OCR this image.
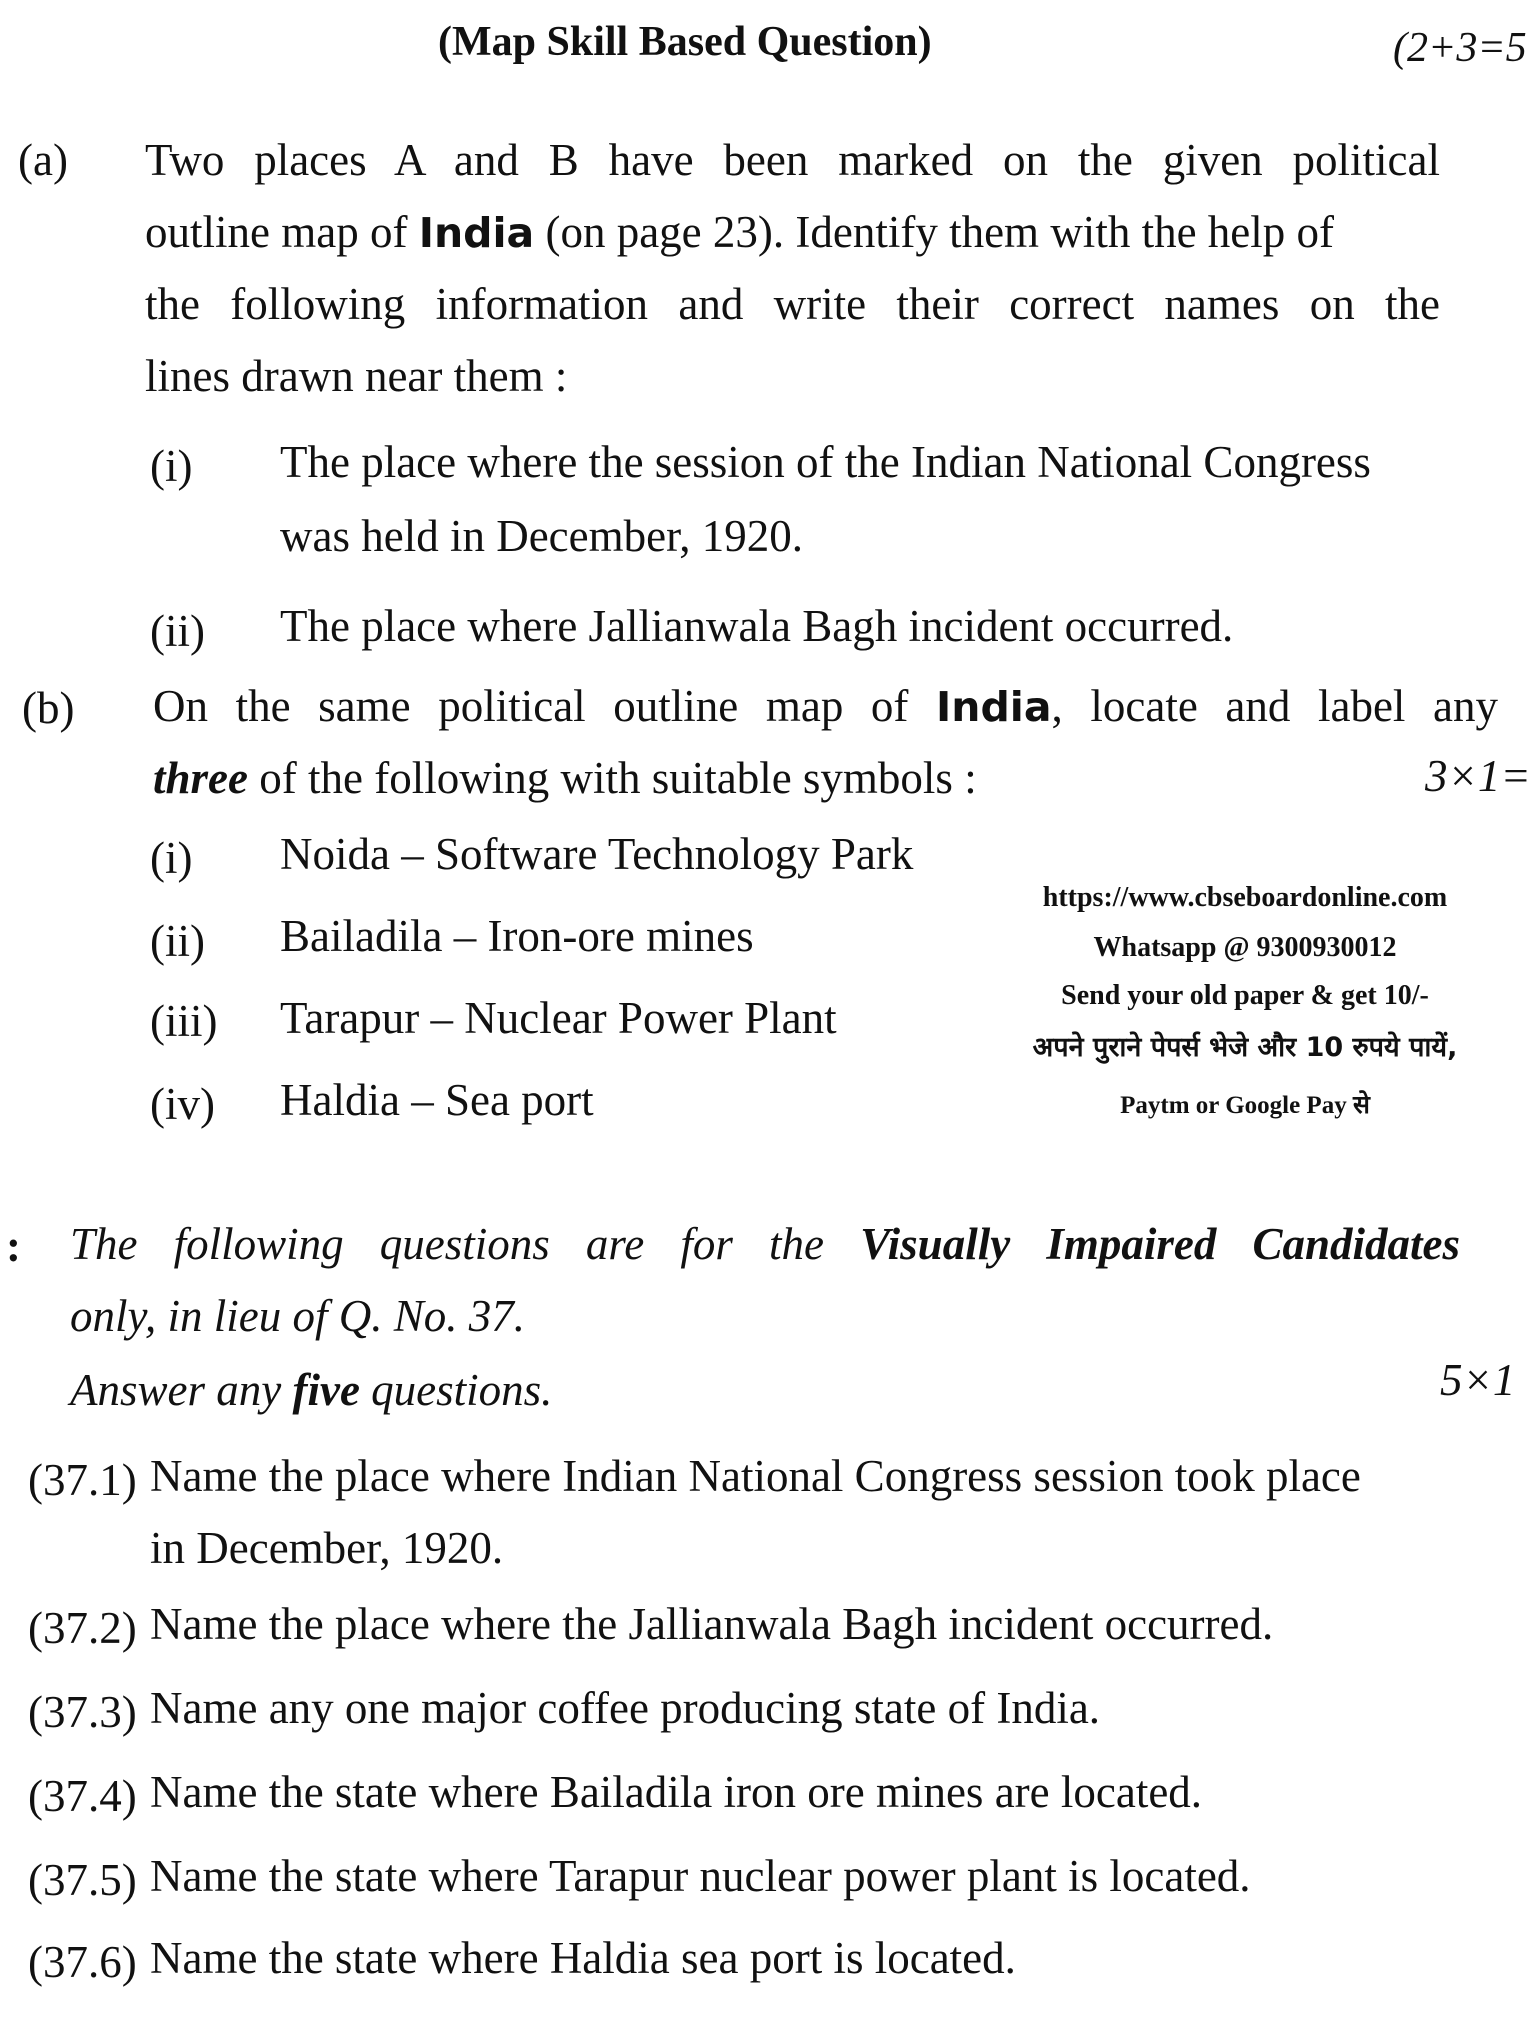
(Map Skill Based Question)	(2+3=5
(a) Two places A and B have been marked on the given political
outline map of India (on page 23). Identify them with the help of
the following information and write their correct names on the
lines drawn near them :
(i) The place where the session of the Indian National Congress
was held in December, 1920.
(ii) The place where Jallianwala Bagh incident occurred.
(b) On the same political outline map of India, locate and label any
three of the following with suitable symbols :	3×1=
(i) Noida – Software Technology Park
(ii) Bailadila – Iron-ore mines
(iii) Tarapur – Nuclear Power Plant
(iv) Haldia – Sea port
https://www.cbseboardonline.com
Whatsapp @ 9300930012
Send your old paper & get 10/-
अपने पुराने पेपर्स भेजे और 10 रुपये पायें,
Paytm or Google Pay से
: The following questions are for the Visually Impaired Candidates
only, in lieu of Q. No. 37.
Answer any five questions.	5×1
(37.1) Name the place where Indian National Congress session took place
in December, 1920.
(37.2) Name the place where the Jallianwala Bagh incident occurred.
(37.3) Name any one major coffee producing state of India.
(37.4) Name the state where Bailadila iron ore mines are located.
(37.5) Name the state where Tarapur nuclear power plant is located.
(37.6) Name the state where Haldia sea port is located.
